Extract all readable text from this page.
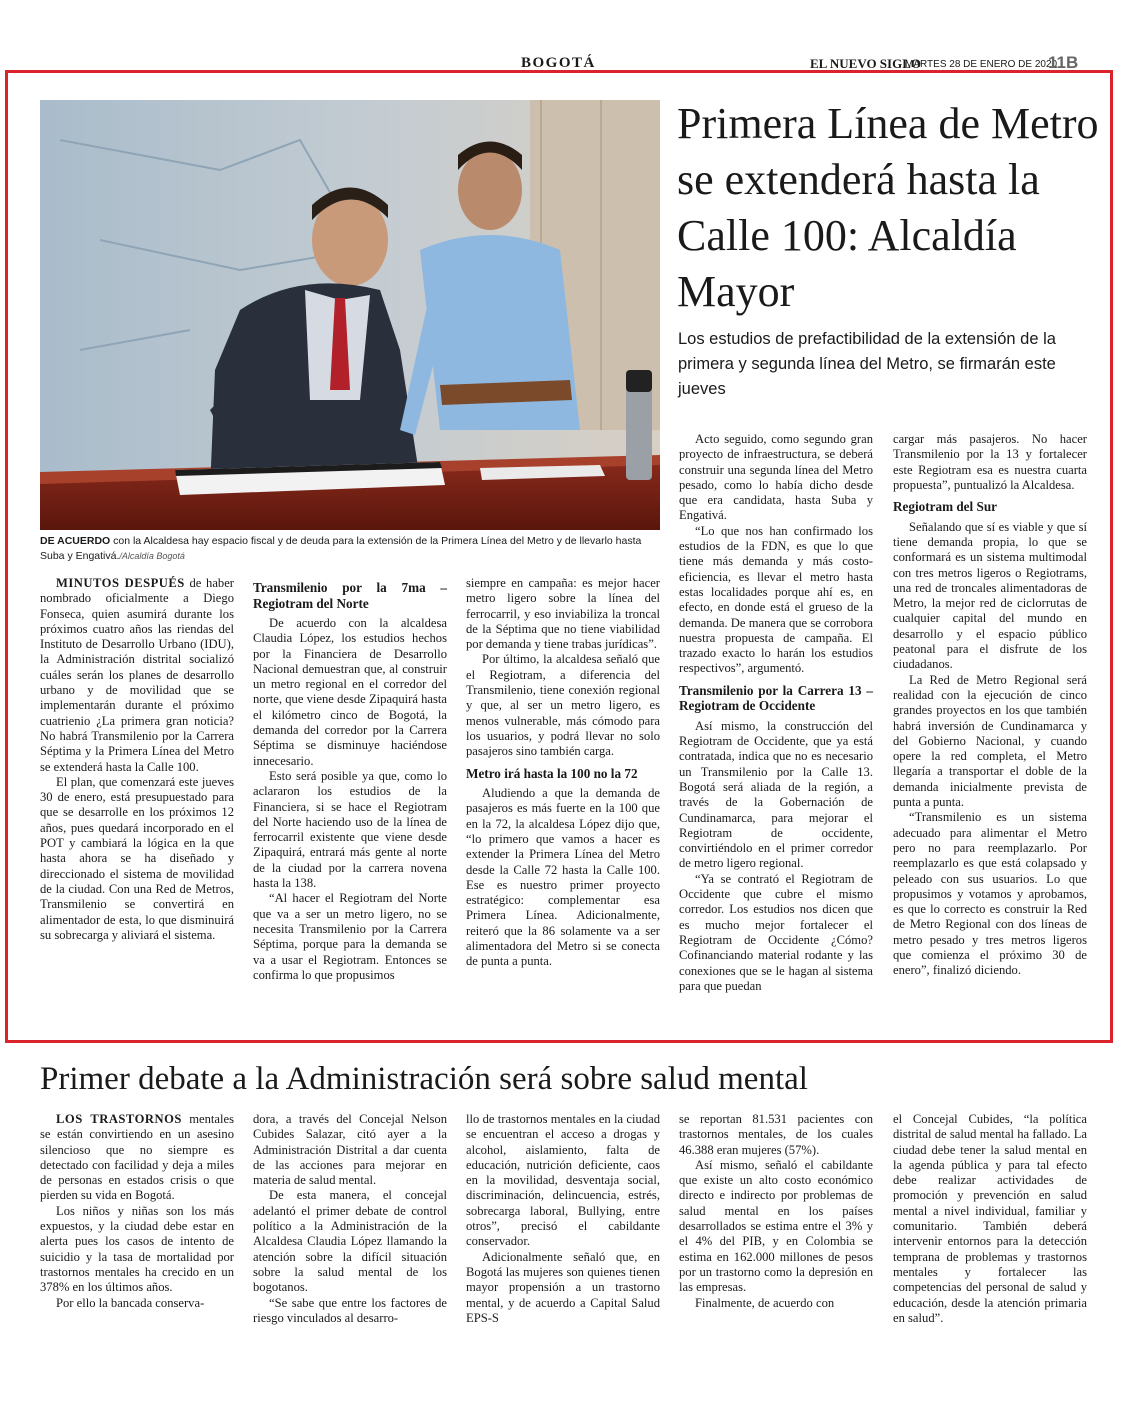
BOGOTÁ	EL NUEVO SIGLO
MARTES 28 DE ENERO DE 2020
11B
DE ACUERDO con la Alcaldesa hay espacio fiscal y de deuda para la extensión de la Primera Línea del Metro y de llevarlo hasta Suba y Engativá./Alcaldía Bogotá
Primera Línea de Metro se extenderá hasta la Calle 100: Alcaldía Mayor
Los estudios de prefactibilidad de la extensión de la primera y segunda línea del Metro, se firmarán este jueves

MINUTOS DESPUÉS de haber nombrado oficialmente a Diego Fonseca, quien asumirá durante los próximos cuatro años las riendas del Instituto de Desarrollo Urbano (IDU), la Administración distrital socializó cuáles serán los planes de desarrollo urbano y de movilidad que se implementarán durante el próximo cuatrienio ¿La primera gran noticia? No habrá Transmilenio por la Carrera Séptima y la Primera Línea del Metro se extenderá hasta la Calle 100.

El plan, que comenzará este jueves 30 de enero, está presupuestado para que se desarrolle en los próximos 12 años, pues quedará incorporado en el POT y cambiará la lógica en la que hasta ahora se ha diseñado y direccionado el sistema de movilidad de la ciudad. Con una Red de Metros, Transmilenio se convertirá en alimentador de esta, lo que disminuirá su sobrecarga y aliviará el sistema.

Transmilenio por la 7ma – Regiotram del Norte

De acuerdo con la alcaldesa Claudia López, los estudios hechos por la Financiera de Desarrollo Nacional demuestran que, al construir un metro regional en el corredor del norte, que viene desde Zipaquirá hasta el kilómetro cinco de Bogotá, la demanda del corredor por la Carrera Séptima se disminuye haciéndose innecesario.

Esto será posible ya que, como lo aclararon los estudios de la Financiera, si se hace el Regiotram del Norte haciendo uso de la línea de ferrocarril existente que viene desde Zipaquirá, entrará más gente al norte de la ciudad por la carrera novena hasta la 138.

“Al hacer el Regiotram del Norte que va a ser un metro ligero, no se necesita Transmilenio por la Carrera Séptima, porque para la demanda se va a usar el Regiotram. Entonces se confirma lo que propusimos

siempre en campaña: es mejor hacer metro ligero sobre la línea del ferrocarril, y eso inviabiliza la troncal de la Séptima que no tiene viabilidad por demanda y tiene trabas jurídicas”.

Por último, la alcaldesa señaló que el Regiotram, a diferencia del Transmilenio, tiene conexión regional y que, al ser un metro ligero, es menos vulnerable, más cómodo para los usuarios, y podrá llevar no solo pasajeros sino también carga.

Metro irá hasta la 100 no la 72

Aludiendo a que la demanda de pasajeros es más fuerte en la 100 que en la 72, la alcaldesa López dijo que, “lo primero que vamos a hacer es extender la Primera Línea del Metro desde la Calle 72 hasta la Calle 100. Ese es nuestro primer proyecto estratégico: complementar esa Primera Línea. Adicionalmente, reiteró que la 86 solamente va a ser alimentadora del Metro si se conecta de punta a punta.

Acto seguido, como segundo gran proyecto de infraestructura, se deberá construir una segunda línea del Metro pesado, como lo había dicho desde que era candidata, hasta Suba y Engativá.

“Lo que nos han confirmado los estudios de la FDN, es que lo que tiene más demanda y más costo-eficiencia, es llevar el metro hasta estas localidades porque ahí es, en efecto, en donde está el grueso de la demanda. De manera que se corrobora nuestra propuesta de campaña. El trazado exacto lo harán los estudios respectivos”, argumentó.

Transmilenio por la Carrera 13 – Regiotram de Occidente

Así mismo, la construcción del Regiotram de Occidente, que ya está contratada, indica que no es necesario un Transmilenio por la Calle 13. Bogotá será aliada de la región, a través de la Gobernación de Cundinamarca, para mejorar el Regiotram de occidente, convirtiéndolo en el primer corredor de metro ligero regional.

“Ya se contrató el Regiotram de Occidente que cubre el mismo corredor. Los estudios nos dicen que es mucho mejor fortalecer el Regiotram de Occidente ¿Cómo? Cofinanciando material rodante y las conexiones que se le hagan al sistema para que puedan

cargar más pasajeros. No hacer Transmilenio por la 13 y fortalecer este Regiotram esa es nuestra cuarta propuesta”, puntualizó la Alcaldesa.

Regiotram del Sur

Señalando que sí es viable y que sí tiene demanda propia, lo que se conformará es un sistema multimodal con tres metros ligeros o Regiotrams, una red de troncales alimentadoras de Metro, la mejor red de ciclorrutas de cualquier capital del mundo en desarrollo y el espacio público peatonal para el disfrute de los ciudadanos.

La Red de Metro Regional será realidad con la ejecución de cinco grandes proyectos en los que también habrá inversión de Cundinamarca y del Gobierno Nacional, y cuando opere la red completa, el Metro llegaría a transportar el doble de la demanda inicialmente prevista de punta a punta.

“Transmilenio es un sistema adecuado para alimentar el Metro pero no para reemplazarlo. Por reemplazarlo es que está colapsado y peleado con sus usuarios. Lo que propusimos y votamos y aprobamos, es que lo correcto es construir la Red de Metro Regional con dos líneas de metro pesado y tres metros ligeros que comienza el próximo 30 de enero”, finalizó diciendo.

Primer debate a la Administración será sobre salud mental

LOS TRASTORNOS mentales se están convirtiendo en un asesino silencioso que no siempre es detectado con facilidad y deja a miles de personas en estados crisis o que pierden su vida en Bogotá.

Los niños y niñas son los más expuestos, y la ciudad debe estar en alerta pues los casos de intento de suicidio y la tasa de mortalidad por trastornos mentales ha crecido en un 378% en los últimos años.

Por ello la bancada conserva-

dora, a través del Concejal Nelson Cubides Salazar, citó ayer a la Administración Distrital a dar cuenta de las acciones para mejorar en materia de salud mental.

De esta manera, el concejal adelantó el primer debate de control político a la Administración de la Alcaldesa Claudia López llamando la atención sobre la difícil situación sobre la salud mental de los bogotanos.

“Se sabe que entre los factores de riesgo vinculados al desarro-

llo de trastornos mentales en la ciudad se encuentran el acceso a drogas y alcohol, aislamiento, falta de educación, nutrición deficiente, caos en la movilidad, desventaja social, discriminación, delincuencia, estrés, sobrecarga laboral, Bullying, entre otros”, precisó el cabildante conservador.

Adicionalmente señaló que, en Bogotá las mujeres son quienes tienen mayor propensión a un trastorno mental, y de acuerdo a Capital Salud EPS-S

se reportan 81.531 pacientes con trastornos mentales, de los cuales 46.388 eran mujeres (57%).

Así mismo, señaló el cabildante que existe un alto costo económico directo e indirecto por problemas de salud mental en los países desarrollados se estima entre el 3% y el 4% del PIB, y en Colombia se estima en 162.000 millones de pesos por un trastorno como la depresión en las empresas.

Finalmente, de acuerdo con

el Concejal Cubides, “la política distrital de salud mental ha fallado. La ciudad debe tener la salud mental en la agenda pública y para tal efecto debe realizar actividades de promoción y prevención en salud mental a nivel individual, familiar y comunitario. También deberá intervenir entornos para la detección temprana de problemas y trastornos mentales y fortalecer las competencias del personal de salud y educación, desde la atención primaria en salud”.
